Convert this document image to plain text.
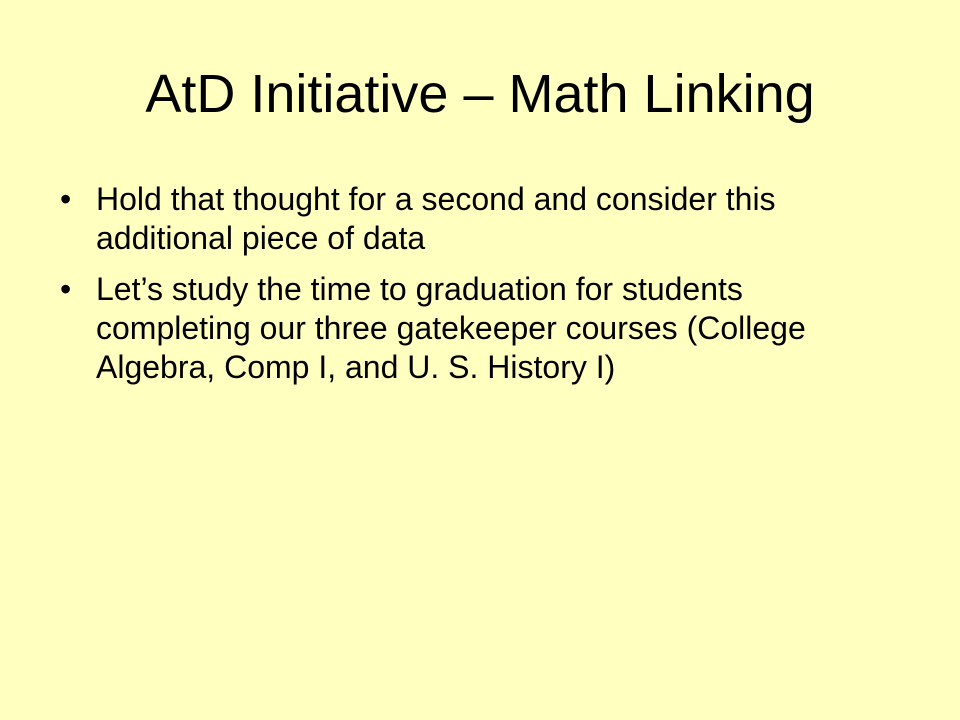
AtD Initiative – Math Linking
• Hold that thought for a second and consider this additional piece of data
• Let’s study the time to graduation for students completing our three gatekeeper courses (College Algebra, Comp I, and U. S. History I)
